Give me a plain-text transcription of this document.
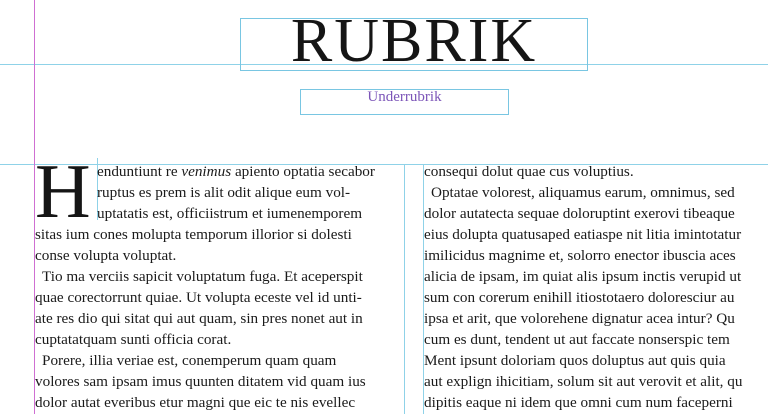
RUBRIK
Underrubrik
H enduntiunt re venimus apiento optatia secabor
ruptus es prem is alit odit alique eum vol-
uptatatis est, officiistrum et iumenemporem
sitas ium cones molupta temporum illorior si dolesti
conse volupta voluptat.
Tio ma verciis sapicit voluptatum fuga. Et aceperspit
quae corectorrunt quiae. Ut volupta eceste vel id unti-
ate res dio qui sitat qui aut quam, sin pres nonet aut in
cuptatatquam sunti officia corat.
Porere, illia veriae est, conemperum quam quam
volores sam ipsam imus quunten ditatem vid quam ius
dolor autat everibus etur magni que eic te nis evellec
consequi dolut quae cus voluptius.
Optatae volorest, aliquamus earum, omnimus, sed
dolor autatecta sequae doloruptint exerovi tibeaque
eius dolupta quatusaped eatiaspe nit litia imintotatur
imilicidus magnime et, solorro enector ibuscia aces
alicia de ipsam, im quiat alis ipsum inctis verupid ut
sum con corerum enihill itiostotaero doloresciur au
ipsa et arit, que volorehene dignatur acea intur? Qu
cum es dunt, tendent ut aut faccate nonserspic tem
Ment ipsunt doloriam quos doluptus aut quis quia
aut explign ihicitiam, solum sit aut verovit et alit, qu
dipitis eaque ni idem que omni cum num faceperni
